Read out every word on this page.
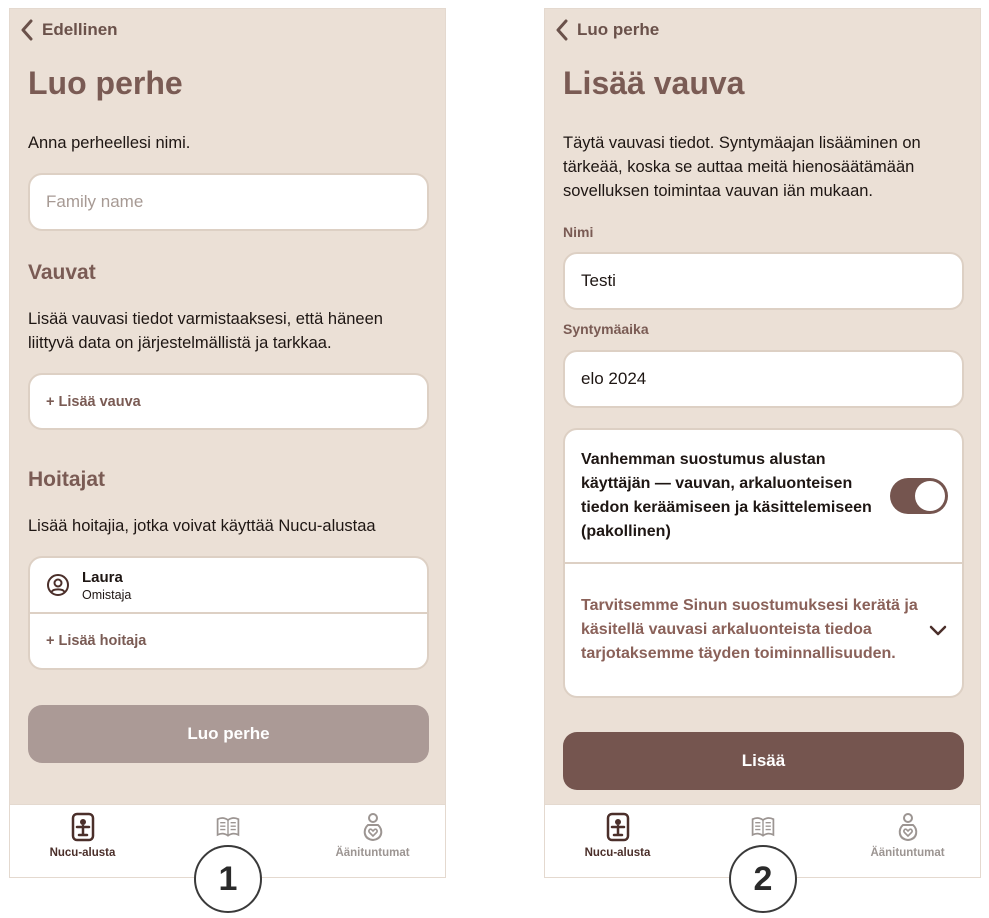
Edellinen
Luo perhe
Anna perheellesi nimi.
Family name
Vauvat
Lisää vauvasi tiedot varmistaaksesi, että häneen liittyvä data on järjestelmällistä ja tarkkaa.
+ Lisää vauva
Hoitajat
Lisää hoitajia, jotka voivat käyttää Nucu-alustaa
Laura
Omistaja
+ Lisää hoitaja
Luo perhe
Nucu-alusta	Äänituntumat
Luo perhe
Lisää vauva
Täytä vauvasi tiedot. Syntymäajan lisääminen on tärkeää, koska se auttaa meitä hienosäätämään sovelluksen toimintaa vauvan iän mukaan.
Nimi
Testi
Syntymäaika
elo 2024
Vanhemman suostumus alustan käyttäjän — vauvan, arkaluonteisen tiedon keräämiseen ja käsittelemiseen (pakollinen)
Tarvitsemme Sinun suostumuksesi kerätä ja käsitellä vauvasi arkaluonteista tiedoa tarjotaksemme täyden toiminnallisuuden.
Lisää
Nucu-alusta	Äänituntumat
1	2
